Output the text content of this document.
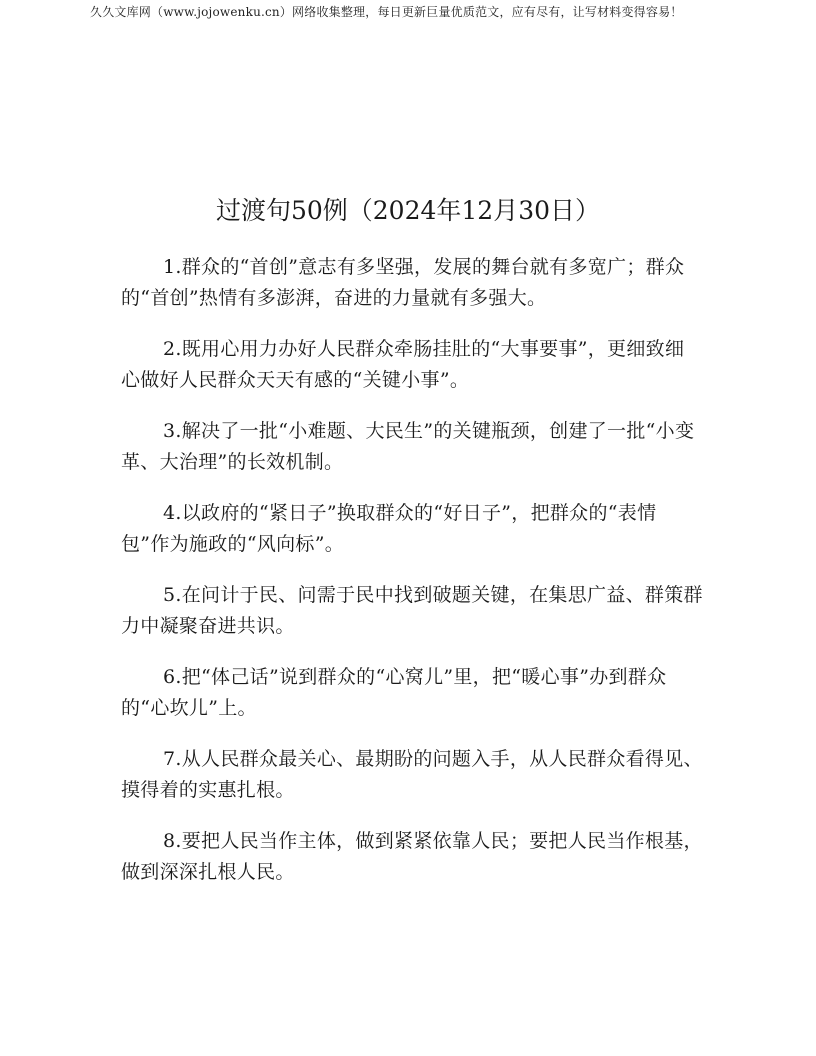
久久文库网（www.jojowenku.cn）网络收集整理，每日更新巨量优质范文，应有尽有，让写材料变得容易！
过渡句50例（2024年12月30日）

1.群众的“首创”意志有多坚强，发展的舞台就有多宽广；群众的“首创”热情有多澎湃，奋进的力量就有多强大。

2.既用心用力办好人民群众牵肠挂肚的“大事要事”，更细致细心做好人民群众天天有感的“关键小事”。

3.解决了一批“小难题、大民生”的关键瓶颈，创建了一批“小变革、大治理”的长效机制。

4.以政府的“紧日子”换取群众的“好日子”，把群众的“表情包”作为施政的“风向标”。

5.在问计于民、问需于民中找到破题关键，在集思广益、群策群力中凝聚奋进共识。

6.把“体己话”说到群众的“心窝儿”里，把“暖心事”办到群众的“心坎儿”上。

7.从人民群众最关心、最期盼的问题入手，从人民群众看得见、摸得着的实惠扎根。

8.要把人民当作主体，做到紧紧依靠人民；要把人民当作根基，做到深深扎根人民。
